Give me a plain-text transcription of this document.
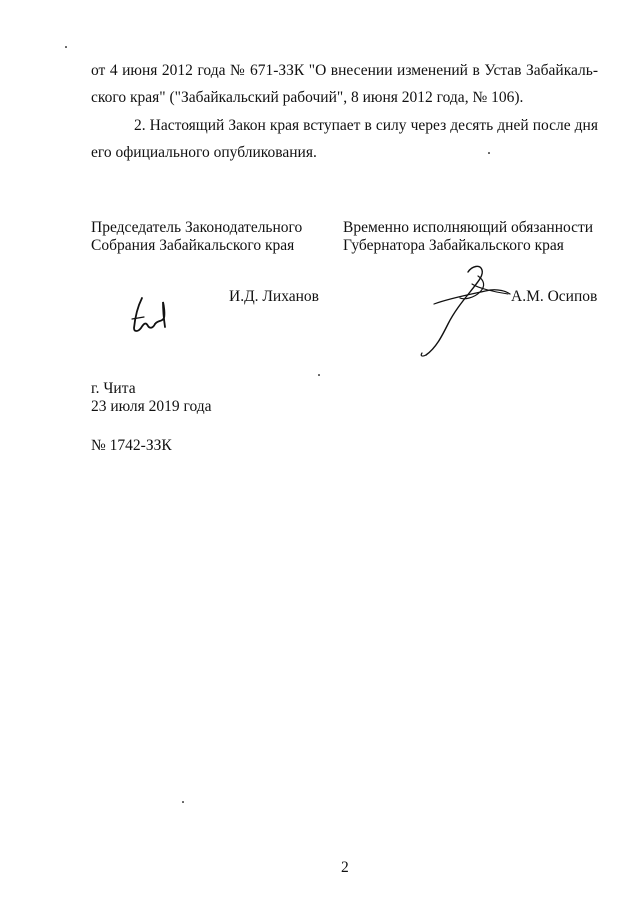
от 4 июня 2012 года № 671-ЗЗК "О внесении изменений в Устав Забайкаль-
ского края" ("Забайкальский рабочий", 8 июня 2012 года, № 106).
2. Настоящий Закон края вступает в силу через десять дней после дня
его официального опубликования.
Председатель Законодательного
Собрания Забайкальского края
И.Д. Лиханов
Временно исполняющий обязанности
Губернатора Забайкальского края
А.М. Осипов
г. Чита
23 июля 2019 года
№ 1742-ЗЗК
2
